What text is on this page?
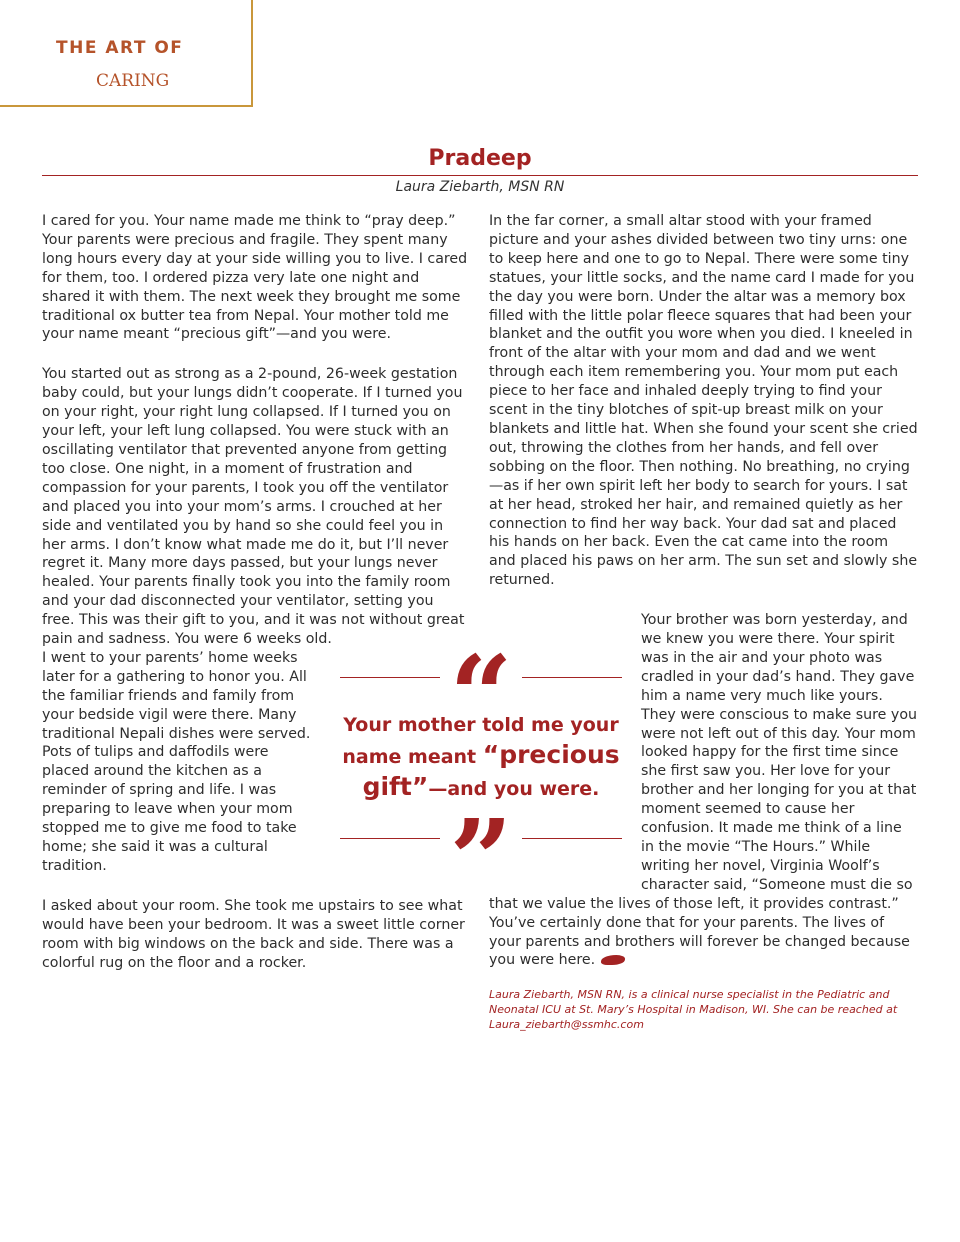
THE ART OF
CARING
Pradeep
Laura Ziebarth, MSN RN

I cared for you. Your name made me think to “pray deep.” Your parents were precious and fragile. They spent many long hours every day at your side willing you to live. I cared for them, too. I ordered pizza very late one night and shared it with them. The next week they brought me some traditional ox butter tea from Nepal. Your mother told me your name meant “precious gift”—and you were.

You started out as strong as a 2-pound, 26-week gestation baby could, but your lungs didn’t cooperate. If I turned you on your right, your right lung collapsed. If I turned you on your left, your left lung collapsed. You were stuck with an oscillating ventilator that prevented anyone from getting too close. One night, in a moment of frustration and compassion for your parents, I took you off the ventilator and placed you into your mom’s arms. I crouched at her side and ventilated you by hand so she could feel you in her arms. I don’t know what made me do it, but I’ll never regret it. Many more days passed, but your lungs never healed. Your parents finally took you into the family room and your dad disconnected your ventilator, setting you free. This was their gift to you, and it was not without great pain and sadness. You were 6 weeks old.

I went to your parents’ home weeks later for a gathering to honor you. All the familiar friends and family from your bedside vigil were there. Many traditional Nepali dishes were served. Pots of tulips and daffodils were placed around the kitchen as a reminder of spring and life. I was preparing to leave when your mom stopped me to give me food to take home; she said it was a cultural tradition.

I asked about your room. She took me upstairs to see what would have been your bedroom. It was a sweet little corner room with big windows on the back and side. There was a colorful rug on the floor and a rocker.

In the far corner, a small altar stood with your framed picture and your ashes divided between two tiny urns: one to keep here and one to go to Nepal. There were some tiny statues, your little socks, and the name card I made for you the day you were born. Under the altar was a memory box filled with the little polar fleece squares that had been your blanket and the outfit you wore when you died. I kneeled in front of the altar with your mom and dad and we went through each item remembering you. Your mom put each piece to her face and inhaled deeply trying to find your scent in the tiny blotches of spit-up breast milk on your blankets and little hat. When she found your scent she cried out, throwing the clothes from her hands, and fell over sobbing on the floor. Then nothing. No breathing, no crying—as if her own spirit left her body to search for yours. I sat at her head, stroked her hair, and remained quietly as her connection to find her way back. Your dad sat and placed his hands on her back. Even the cat came into the room and placed his paws on her arm. The sun set and slowly she returned.

Your brother was born yesterday, and we knew you were there. Your spirit was in the air and your photo was cradled in your dad’s hand. They gave him a name very much like yours. They were conscious to make sure you were not left out of this day. Your mom looked happy for the first time since she first saw you. Her love for your brother and her longing for you at that moment seemed to cause her confusion. It made me think of a line in the movie “The Hours.” While writing her novel, Virginia Woolf’s character said, “Someone must die so that we value the lives of those left, it provides contrast.” You’ve certainly done that for your parents. The lives of your parents and brothers will forever be changed because you were here.

“
Your mother told me your name meant “precious gift”—and you were.
”
Laura Ziebarth, MSN RN, is a clinical nurse specialist in the Pediatric and Neonatal ICU at St. Mary’s Hospital in Madison, WI. She can be reached at Laura_ziebarth@ssmhc.com
